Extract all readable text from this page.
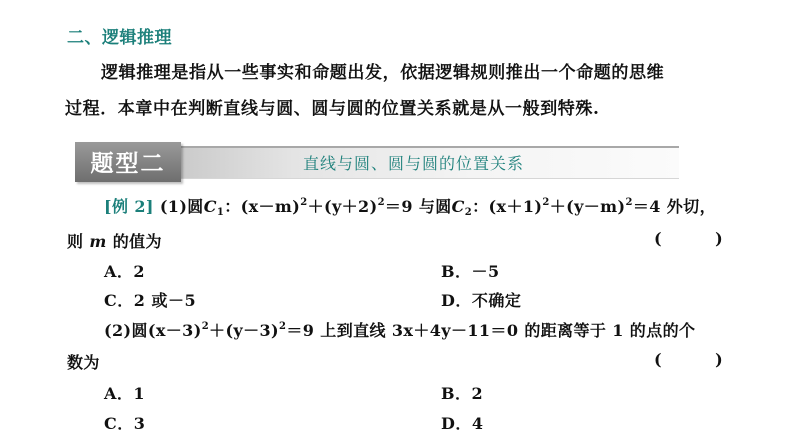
二、逻辑推理
逻辑推理是指从一些事实和命题出发，依据逻辑规则推出一个命题的思维
过程．本章中在判断直线与圆、圆与圆的位置关系就是从一般到特殊.
题型二	直线与圆、圆与圆的位置关系
[例 2] (1)圆$C_1$：$(x-m)^2+(y+2)^2=9$ 与圆$C_2$：$(x+1)^2+(y-m)^2=4$ 外切，
则 m 的值为	( )
A．2	B．－5
C．2 或－5	D．不确定
(2)圆$(x-3)^2+(y-3)^2=9$ 上到直线 3x＋4y－11＝0 的距离等于 1 的点的个
数为	( )
A．1	B．2
C．3	D．4
